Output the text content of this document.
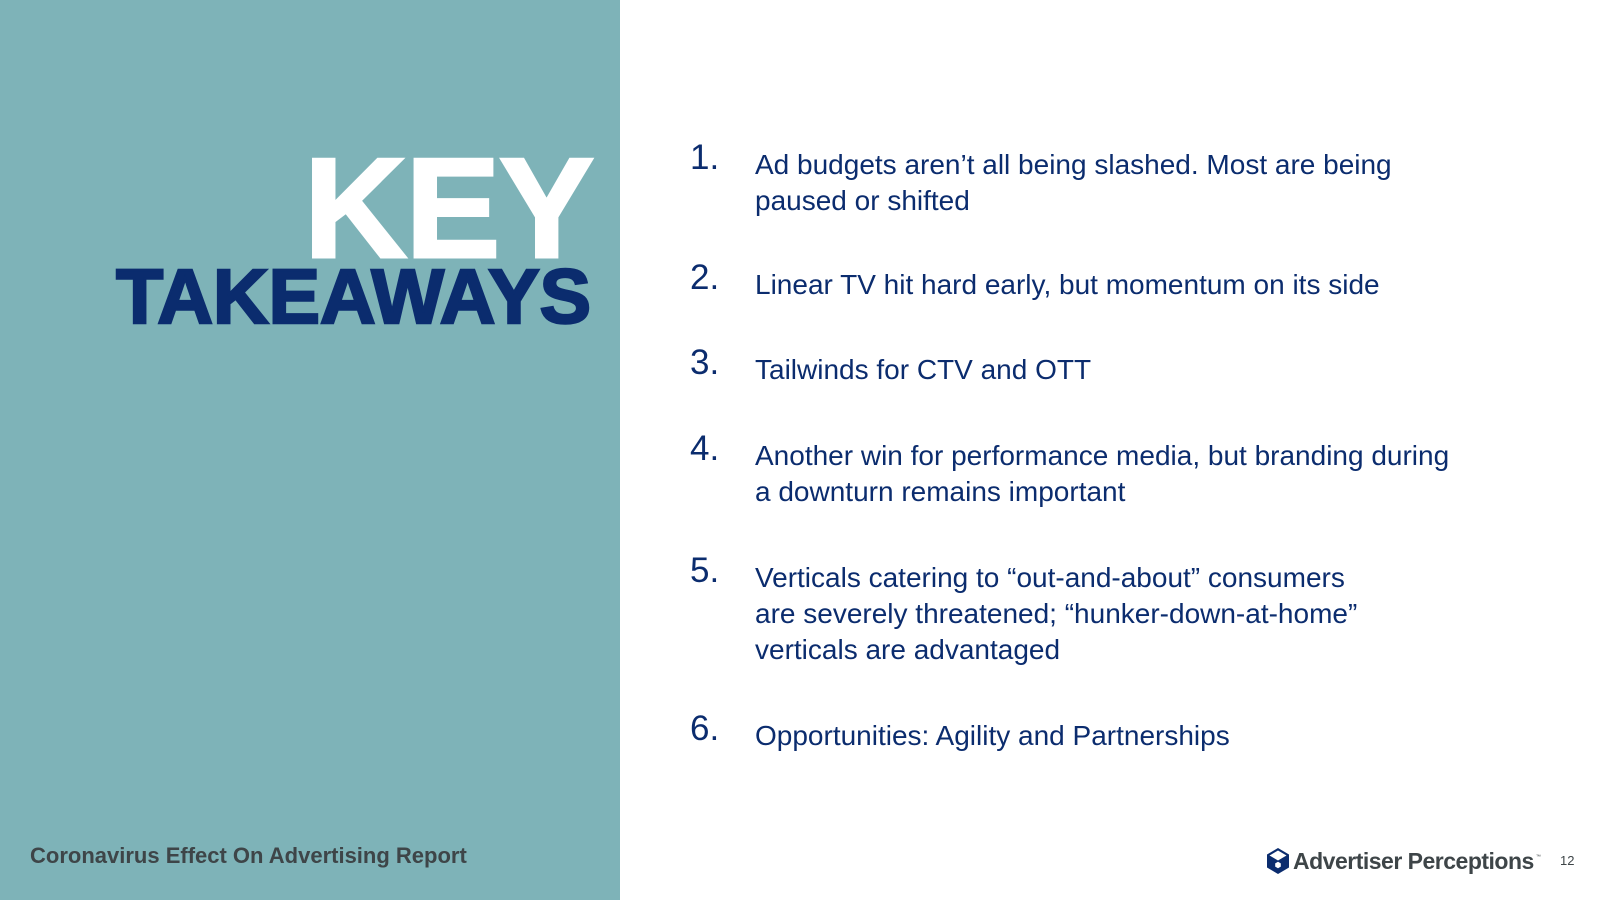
KEY
TAKEAWAYS
Coronavirus Effect On Advertising Report
1. Ad budgets aren’t all being slashed. Most are being
paused or shifted
2. Linear TV hit hard early, but momentum on its side
3. Tailwinds for CTV and OTT
4. Another win for performance media, but branding during
a downturn remains important
5. Verticals catering to “out-and-about” consumers
are severely threatened; “hunker-down-at-home”
verticals are advantaged
6. Opportunities: Agility and Partnerships
Advertiser Perceptions ™ 12
